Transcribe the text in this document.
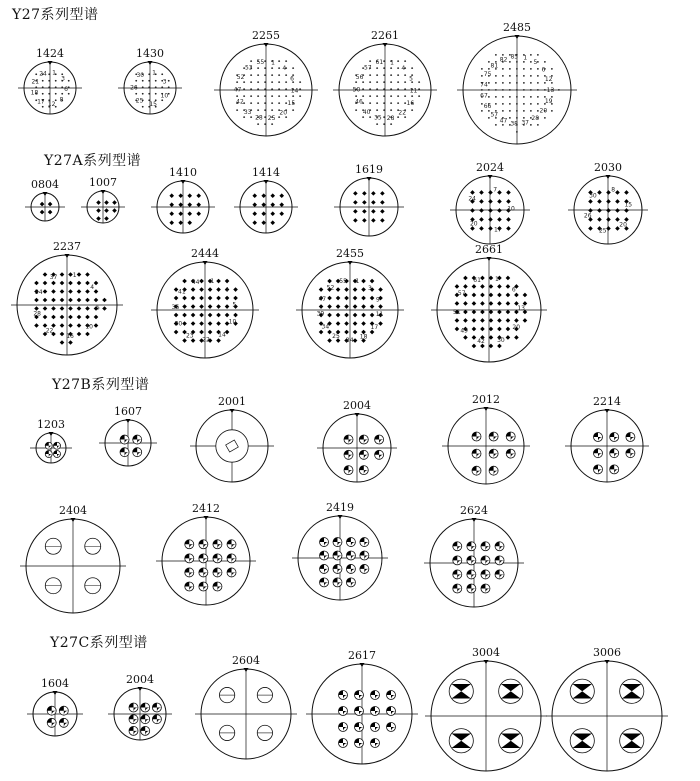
Y27系列型谱
Y27A系列型谱
Y27B系列型谱
Y27C系列型谱
1424
1
3
6
8
12
17
18
21
24
1430
1
3
10
15
25
26
30
2255
1
4
6
14
15
20
25
28
33
42
47
52
53
55
2261
1
4
5
11
16
22
28
35
40
46
50
56
57
61
2485
1
5
6
12
13
19
20
28
37
38
47
57
66
67
74
75
81
82 85
0804	1007
1410	1414	1619	2024
7
10
17
20
24
2030
8
15
20
25
26
30
2237
1
4
5
10
16
22
28
34
37
2444
1
4
5
10
14
22
23
30
36
41
44
2455
1
3
9
11
17
18
24
25
34
39
47
52
55
2661
1
6
13
20
30
42
49
51
57
61
1203
1607
2001	2004	2012	2214
2404	2412	2419	2624
1604	2004
2604	2617	3004	3006
